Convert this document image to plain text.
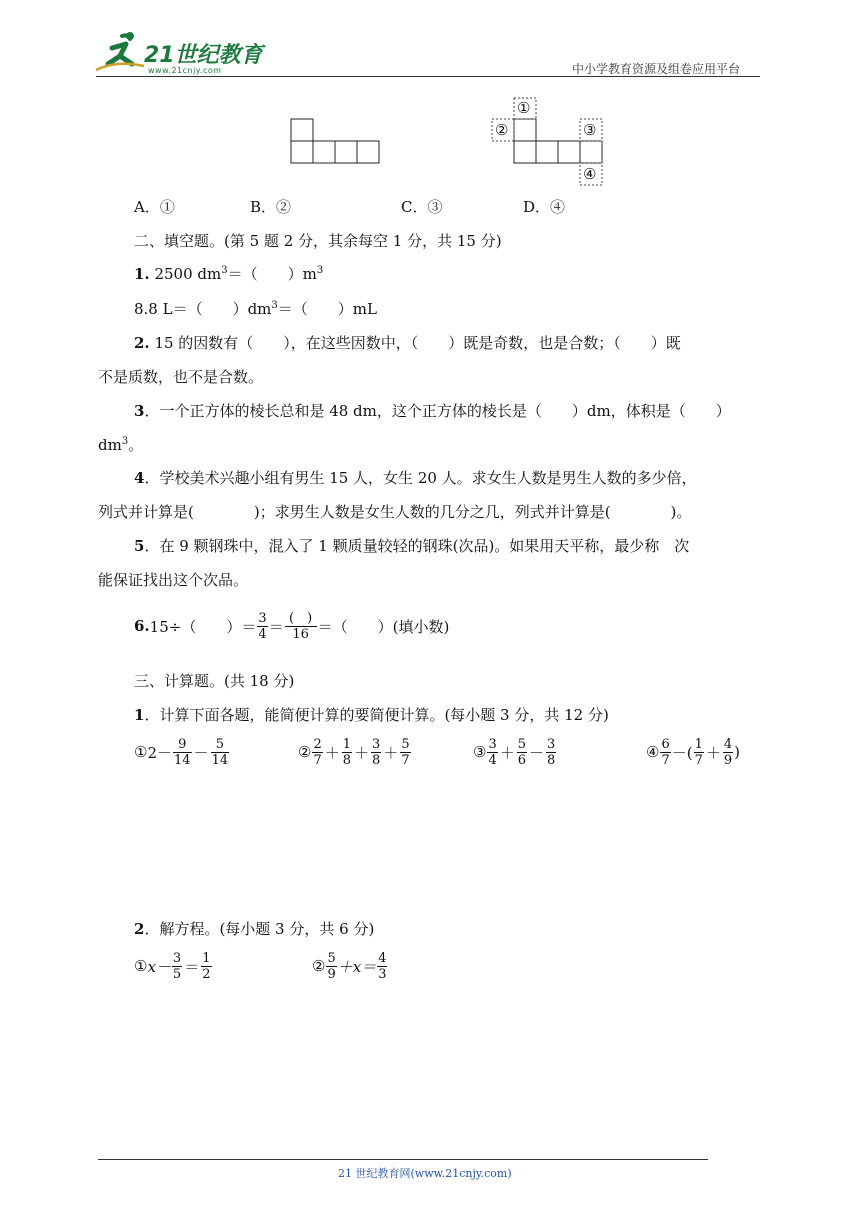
21世纪教育
www.21cnjy.com	中小学教育资源及组卷应用平台
①
②	③
④
A．①	B．②	C．③	D．④
二、填空题。(第 5 题 2 分，其余每空 1 分，共 15 分)
1. 2500 $dm^3=$（　　）$m^3$
8.8 L＝（　　）$dm^3=$（　　）mL
2. 15 的因数有（　　），在这些因数中，（　　）既是奇数，也是合数；（　　）既
不是质数，也不是合数。
3．一个正方体的棱长总和是 48 dm，这个正方体的棱长是（　　）dm，体积是（　　）
$dm^3$。
4．学校美术兴趣小组有男生 15 人，女生 20 人。求女生人数是男生人数的多少倍，
列式并计算是(　　　　)；求男生人数是女生人数的几分之几，列式并计算是(　　　　)。
5．在 9 颗钢珠中，混入了 1 颗质量较轻的钢珠(次品)。如果用天平称，最少称　次
能保证找出这个次品。
6. 15÷（　　）＝ $\frac{3}{4} = \frac{( )}{16}$ ＝（　　）(填小数)
三、计算题。(共 18 分)
1．计算下面各题，能简便计算的要简便计算。(每小题 3 分，共 12 分)
① $2- \frac{9}{14} - \frac{5}{14}$	② $\frac{2}{7} + \frac{1}{8} + \frac{3}{8} + \frac{5}{7}$	③ $\frac{3}{4} + \frac{5}{6} - \frac{3}{8}$	④ $\frac{6}{7}$ －( $\frac{1}{7} + \frac{4}{9}$ )
2．解方程。(每小题 3 分，共 6 分)
① $x- \frac{3}{5} = \frac{1}{2}$	② $\frac{5}{9} +x= \frac{4}{3}$
21 世纪教育网(www.21cnjy.com)
